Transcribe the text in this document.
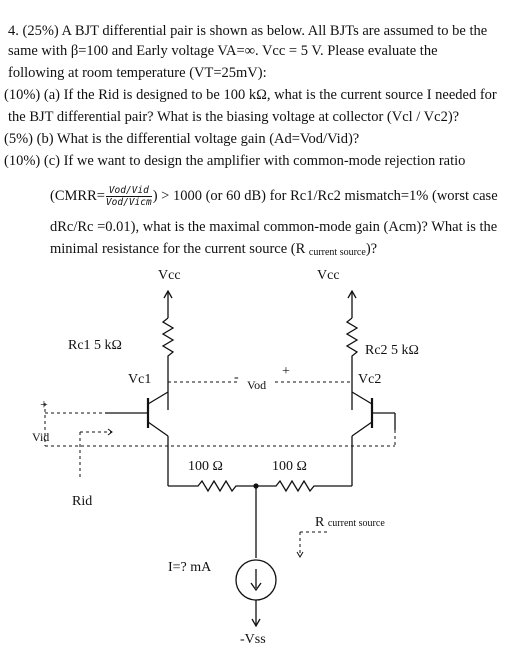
4. (25%) A BJT differential pair is shown as below. All BJTs are assumed to be the
same with β=100 and Early voltage VA=∞. Vcc = 5 V. Please evaluate the
following at room temperature (VT=25mV):
(10%) (a) If the Rid is designed to be 100 kΩ, what is the current source I needed for
the BJT differential pair? What is the biasing voltage at collector (Vcl / Vc2)?
(5%) (b) What is the differential voltage gain (Ad=Vod/Vid)?
(10%) (c) If we want to design the amplifier with common-mode rejection ratio
(CMRR= Vod/Vid
Vod/Vicm ) > 1000 (or 60 dB) for Rc1/Rc2 mismatch=1% (worst case
dRc/Rc =0.01), what is the maximal common-mode gain (Acm)? What is the
minimal resistance for the current source (R $_{current source}$)?
Vcc	Vcc
Rc1 5 kΩ	Rc2 5 kΩ
Vc1	Vc2
- Vod
+
+
Vid
Rid
100 Ω	100 Ω
R current source
I=? mA
-Vss
